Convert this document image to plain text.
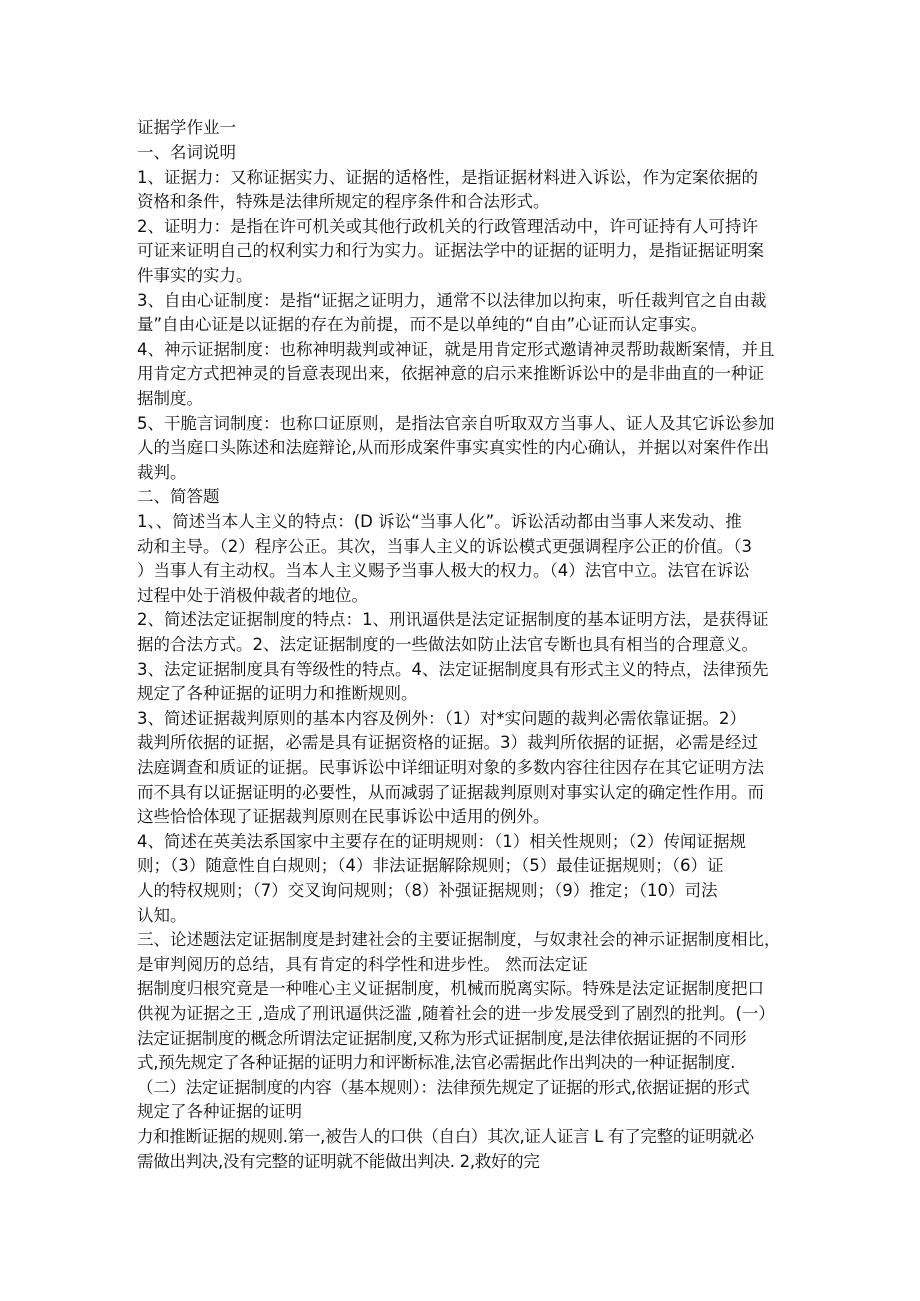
证据学作业一

一、名词说明

1、证据力：又称证据实力、证据的适格性，是指证据材料进入诉讼，作为定案依据的

资格和条件，特殊是法律所规定的程序条件和合法形式。

2、证明力：是指在许可机关或其他行政机关的行政管理活动中，许可证持有人可持许

可证来证明自己的权利实力和行为实力。证据法学中的证据的证明力，是指证据证明案

件事实的实力。

3、自由心证制度：是指“证据之证明力，通常不以法律加以拘束，听任裁判官之自由裁

量”自由心证是以证据的存在为前提，而不是以单纯的“自由”心证而认定事实。

4、神示证据制度：也称神明裁判或神证，就是用肯定形式邀请神灵帮助裁断案情，并且

用肯定方式把神灵的旨意表现出来，依据神意的启示来推断诉讼中的是非曲直的一种证

据制度。

5、干脆言词制度：也称口证原则，是指法官亲自听取双方当事人、证人及其它诉讼参加

人的当庭口头陈述和法庭辩论,从而形成案件事实真实性的内心确认，并据以对案件作出

裁判。

二、简答题

1、、简述当本人主义的特点：(D 诉讼“当事人化”。诉讼活动都由当事人来发动、推

动和主导。（2）程序公正。其次，当事人主义的诉讼模式更强调程序公正的价值。（3

）当事人有主动权。当本人主义赐予当事人极大的权力。（4）法官中立。法官在诉讼

过程中处于消极仲裁者的地位。

2、简述法定证据制度的特点：1、刑讯逼供是法定证据制度的基本证明方法，是获得证

据的合法方式。2、法定证据制度的一些做法如防止法官专断也具有相当的合理意义。

3、法定证据制度具有等级性的特点。4、法定证据制度具有形式主义的特点，法律预先

规定了各种证据的证明力和推断规则。

3、简述证据裁判原则的基本内容及例外：（1）对*实问题的裁判必需依靠证据。2）

裁判所依据的证据，必需是具有证据资格的证据。3）裁判所依据的证据，必需是经过

法庭调查和质证的证据。民事诉讼中详细证明对象的多数内容往往因存在其它证明方法

而不具有以证据证明的必要性，从而减弱了证据裁判原则对事实认定的确定性作用。而

这些恰恰体现了证据裁判原则在民事诉讼中适用的例外。

4、简述在英美法系国家中主要存在的证明规则：（1）相关性规则；（2）传闻证据规

则；（3）随意性自白规则；（4）非法证据解除规则；（5）最佳证据规则；（6）证

人的特权规则；（7）交叉询问规则；（8）补强证据规则；（9）推定；（10）司法

认知。

三、论述题法定证据制度是封建社会的主要证据制度，与奴隶社会的神示证据制度相比，

是审判阅历的总结，具有肯定的科学性和进步性。 然而法定证

据制度归根究竟是一种唯心主义证据制度，机械而脱离实际。特殊是法定证据制度把口

供视为证据之王 ,造成了刑讯逼供泛滥 ,随着社会的进一步发展受到了剧烈的批判。(一）

法定证据制度的概念所谓法定证据制度,又称为形式证据制度,是法律依据证据的不同形

式,预先规定了各种证据的证明力和评断标准,法官必需据此作出判决的一种证据制度.

（二）法定证据制度的内容（基本规则）：法律预先规定了证据的形式,依据证据的形式

规定了各种证据的证明

力和推断证据的规则.第一,被告人的口供（自白）其次,证人证言 L 有了完整的证明就必

需做出判决,没有完整的证明就不能做出判决. 2,救好的完
